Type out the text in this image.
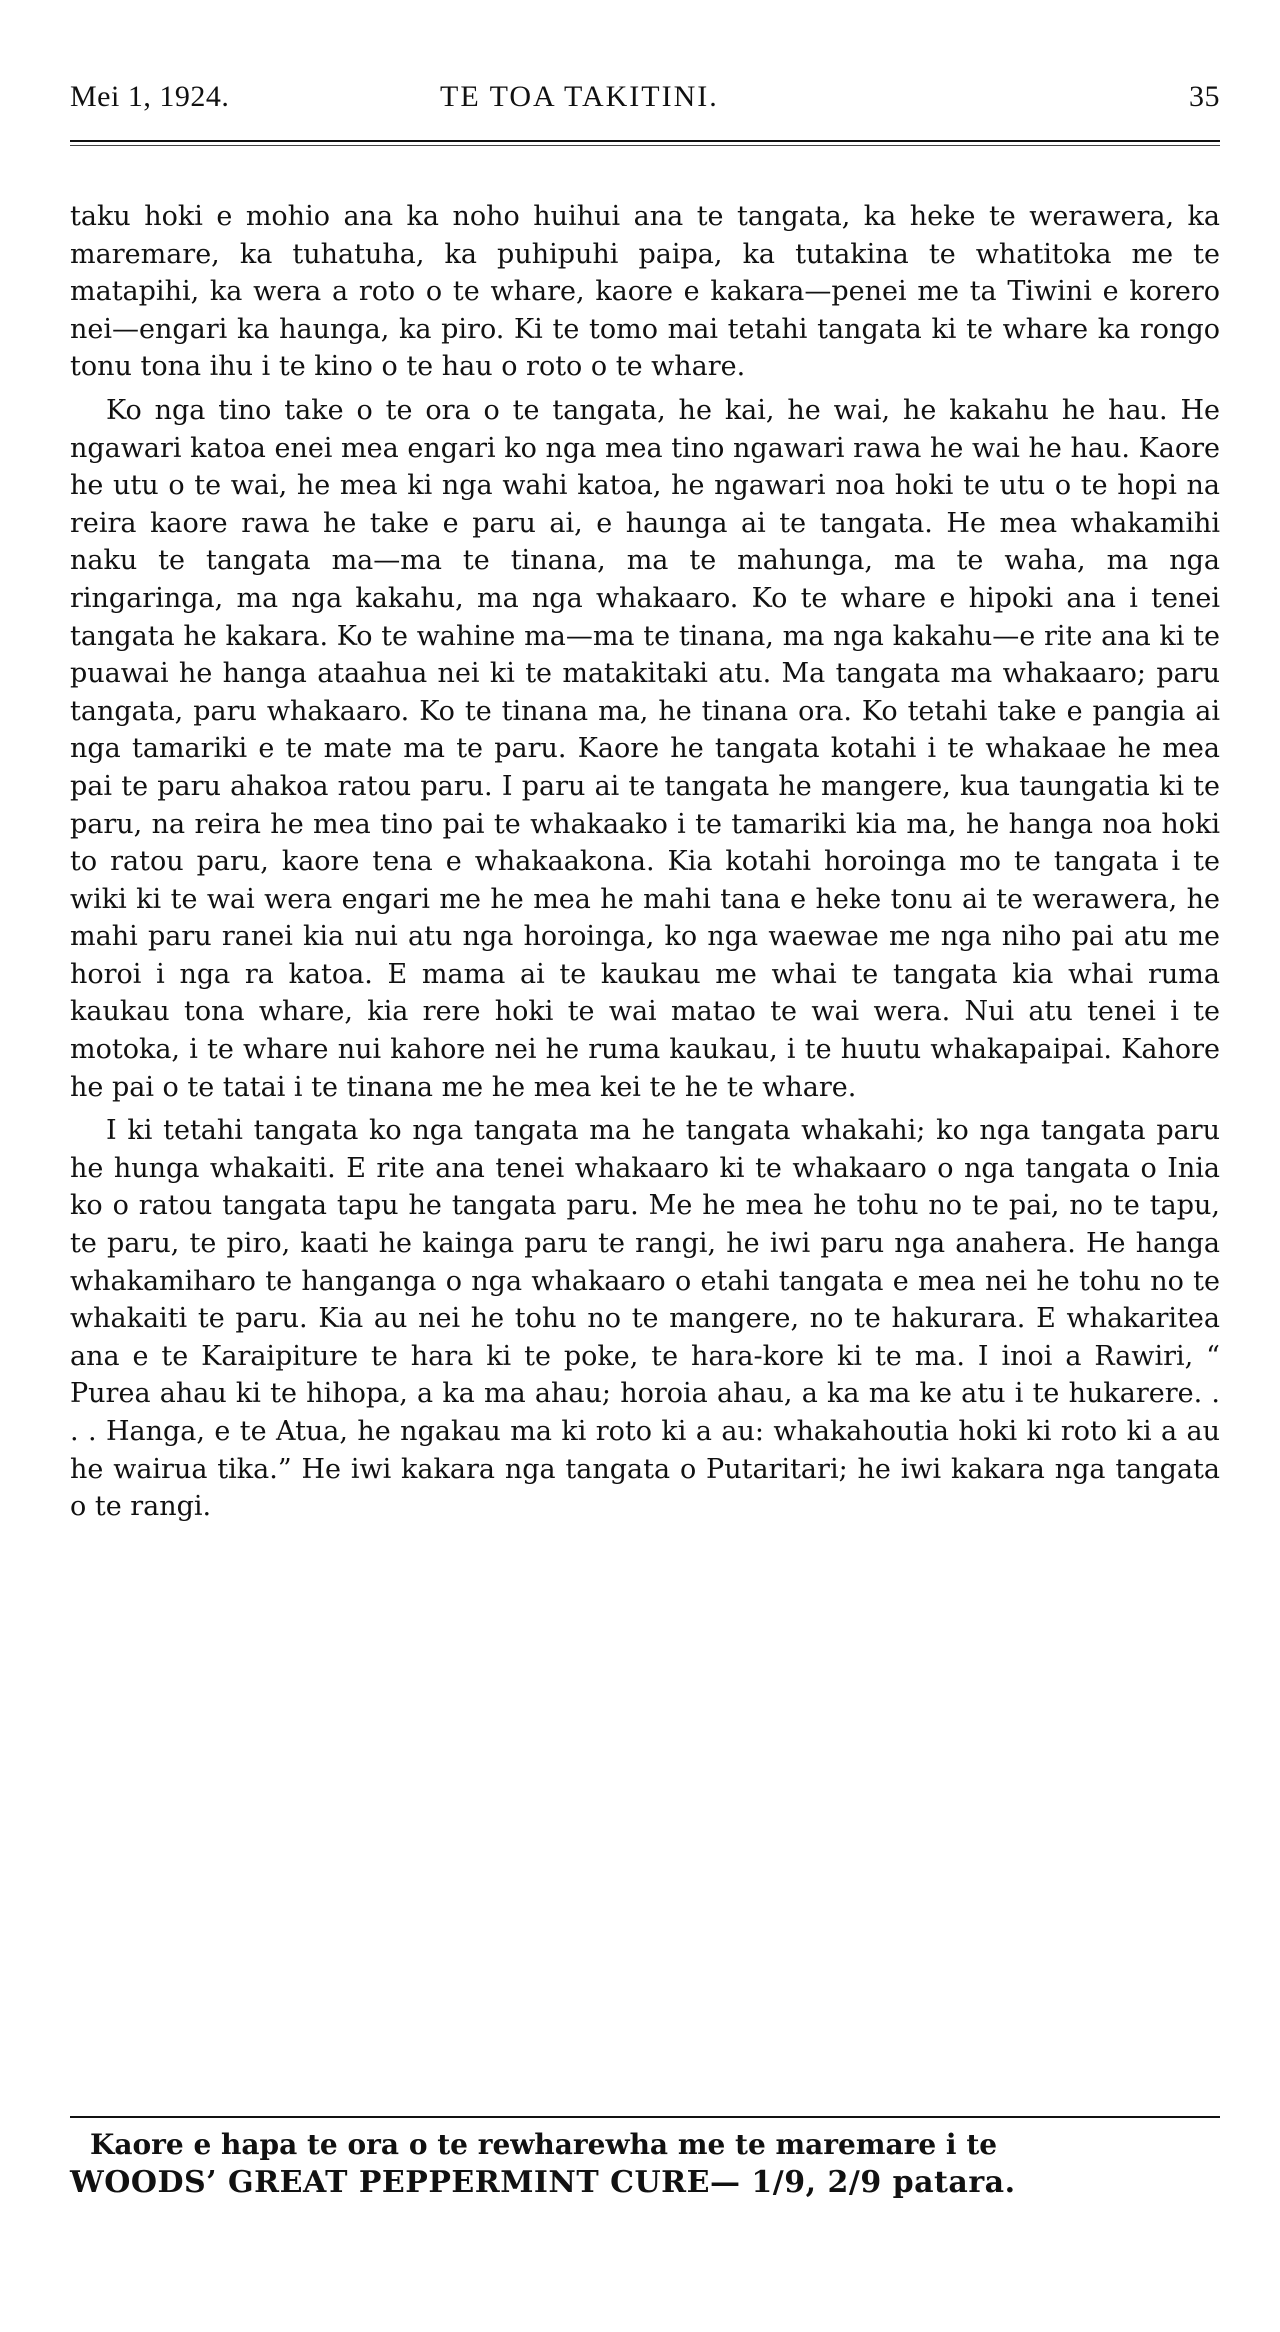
Mei 1, 1924.	TE TOA TAKITINI.	35

taku hoki e mohio ana ka noho huihui ana te tangata, ka heke te werawera, ka maremare, ka tuhatuha, ka puhipuhi paipa, ka tutakina te whatitoka me te matapihi, ka wera a roto o te whare, kaore e kakara—penei me ta Tiwini e korero nei—engari ka haunga, ka piro. Ki te tomo mai tetahi tangata ki te whare ka rongo tonu tona ihu i te kino o te hau o roto o te whare.

Ko nga tino take o te ora o te tangata, he kai, he wai, he kakahu he hau. He ngawari katoa enei mea engari ko nga mea tino ngawari rawa he wai he hau. Kaore he utu o te wai, he mea ki nga wahi katoa, he ngawari noa hoki te utu o te hopi na reira kaore rawa he take e paru ai, e haunga ai te tangata. He mea whakamihi naku te tangata ma—ma te tinana, ma te mahunga, ma te waha, ma nga ringaringa, ma nga kakahu, ma nga whakaaro. Ko te whare e hipoki ana i tenei tangata he kakara. Ko te wahine ma—ma te tinana, ma nga kakahu—e rite ana ki te puawai he hanga ataahua nei ki te matakitaki atu. Ma tangata ma whakaaro; paru tangata, paru whakaaro. Ko te tinana ma, he tinana ora. Ko tetahi take e pangia ai nga tamariki e te mate ma te paru. Kaore he tangata kotahi i te whakaae he mea pai te paru ahakoa ratou paru. I paru ai te tangata he mangere, kua taungatia ki te paru, na reira he mea tino pai te whakaako i te tamariki kia ma, he hanga noa hoki to ratou paru, kaore tena e whakaakona. Kia kotahi horoinga mo te tangata i te wiki ki te wai wera engari me he mea he mahi tana e heke tonu ai te werawera, he mahi paru ranei kia nui atu nga horoinga, ko nga waewae me nga niho pai atu me horoi i nga ra katoa. E mama ai te kaukau me whai te tangata kia whai ruma kaukau tona whare, kia rere hoki te wai matao te wai wera. Nui atu tenei i te motoka, i te whare nui kahore nei he ruma kaukau, i te huutu whakapaipai. Kahore he pai o te tatai i te tinana me he mea kei te he te whare.

I ki tetahi tangata ko nga tangata ma he tangata whakahi; ko nga tangata paru he hunga whakaiti. E rite ana tenei whakaaro ki te whakaaro o nga tangata o Inia ko o ratou tangata tapu he tangata paru. Me he mea he tohu no te pai, no te tapu, te paru, te piro, kaati he kainga paru te rangi, he iwi paru nga anahera. He hanga whakamiharo te hanganga o nga whakaaro o etahi tangata e mea nei he tohu no te whakaiti te paru. Kia au nei he tohu no te mangere, no te hakurara. E whakaritea ana e te Karaipiture te hara ki te poke, te hara-kore ki te ma. I inoi a Rawiri, “ Purea ahau ki te hihopa, a ka ma ahau; horoia ahau, a ka ma ke atu i te hukarere. . . . Hanga, e te Atua, he ngakau ma ki roto ki a au: whakahoutia hoki ki roto ki a au he wairua tika.” He iwi kakara nga tangata o Putaritari; he iwi kakara nga tangata o te rangi.

Kaore e hapa te ora o te rewharewha me te maremare i te
WOODS’ GREAT PEPPERMINT CURE— 1/9, 2/9 patara.
